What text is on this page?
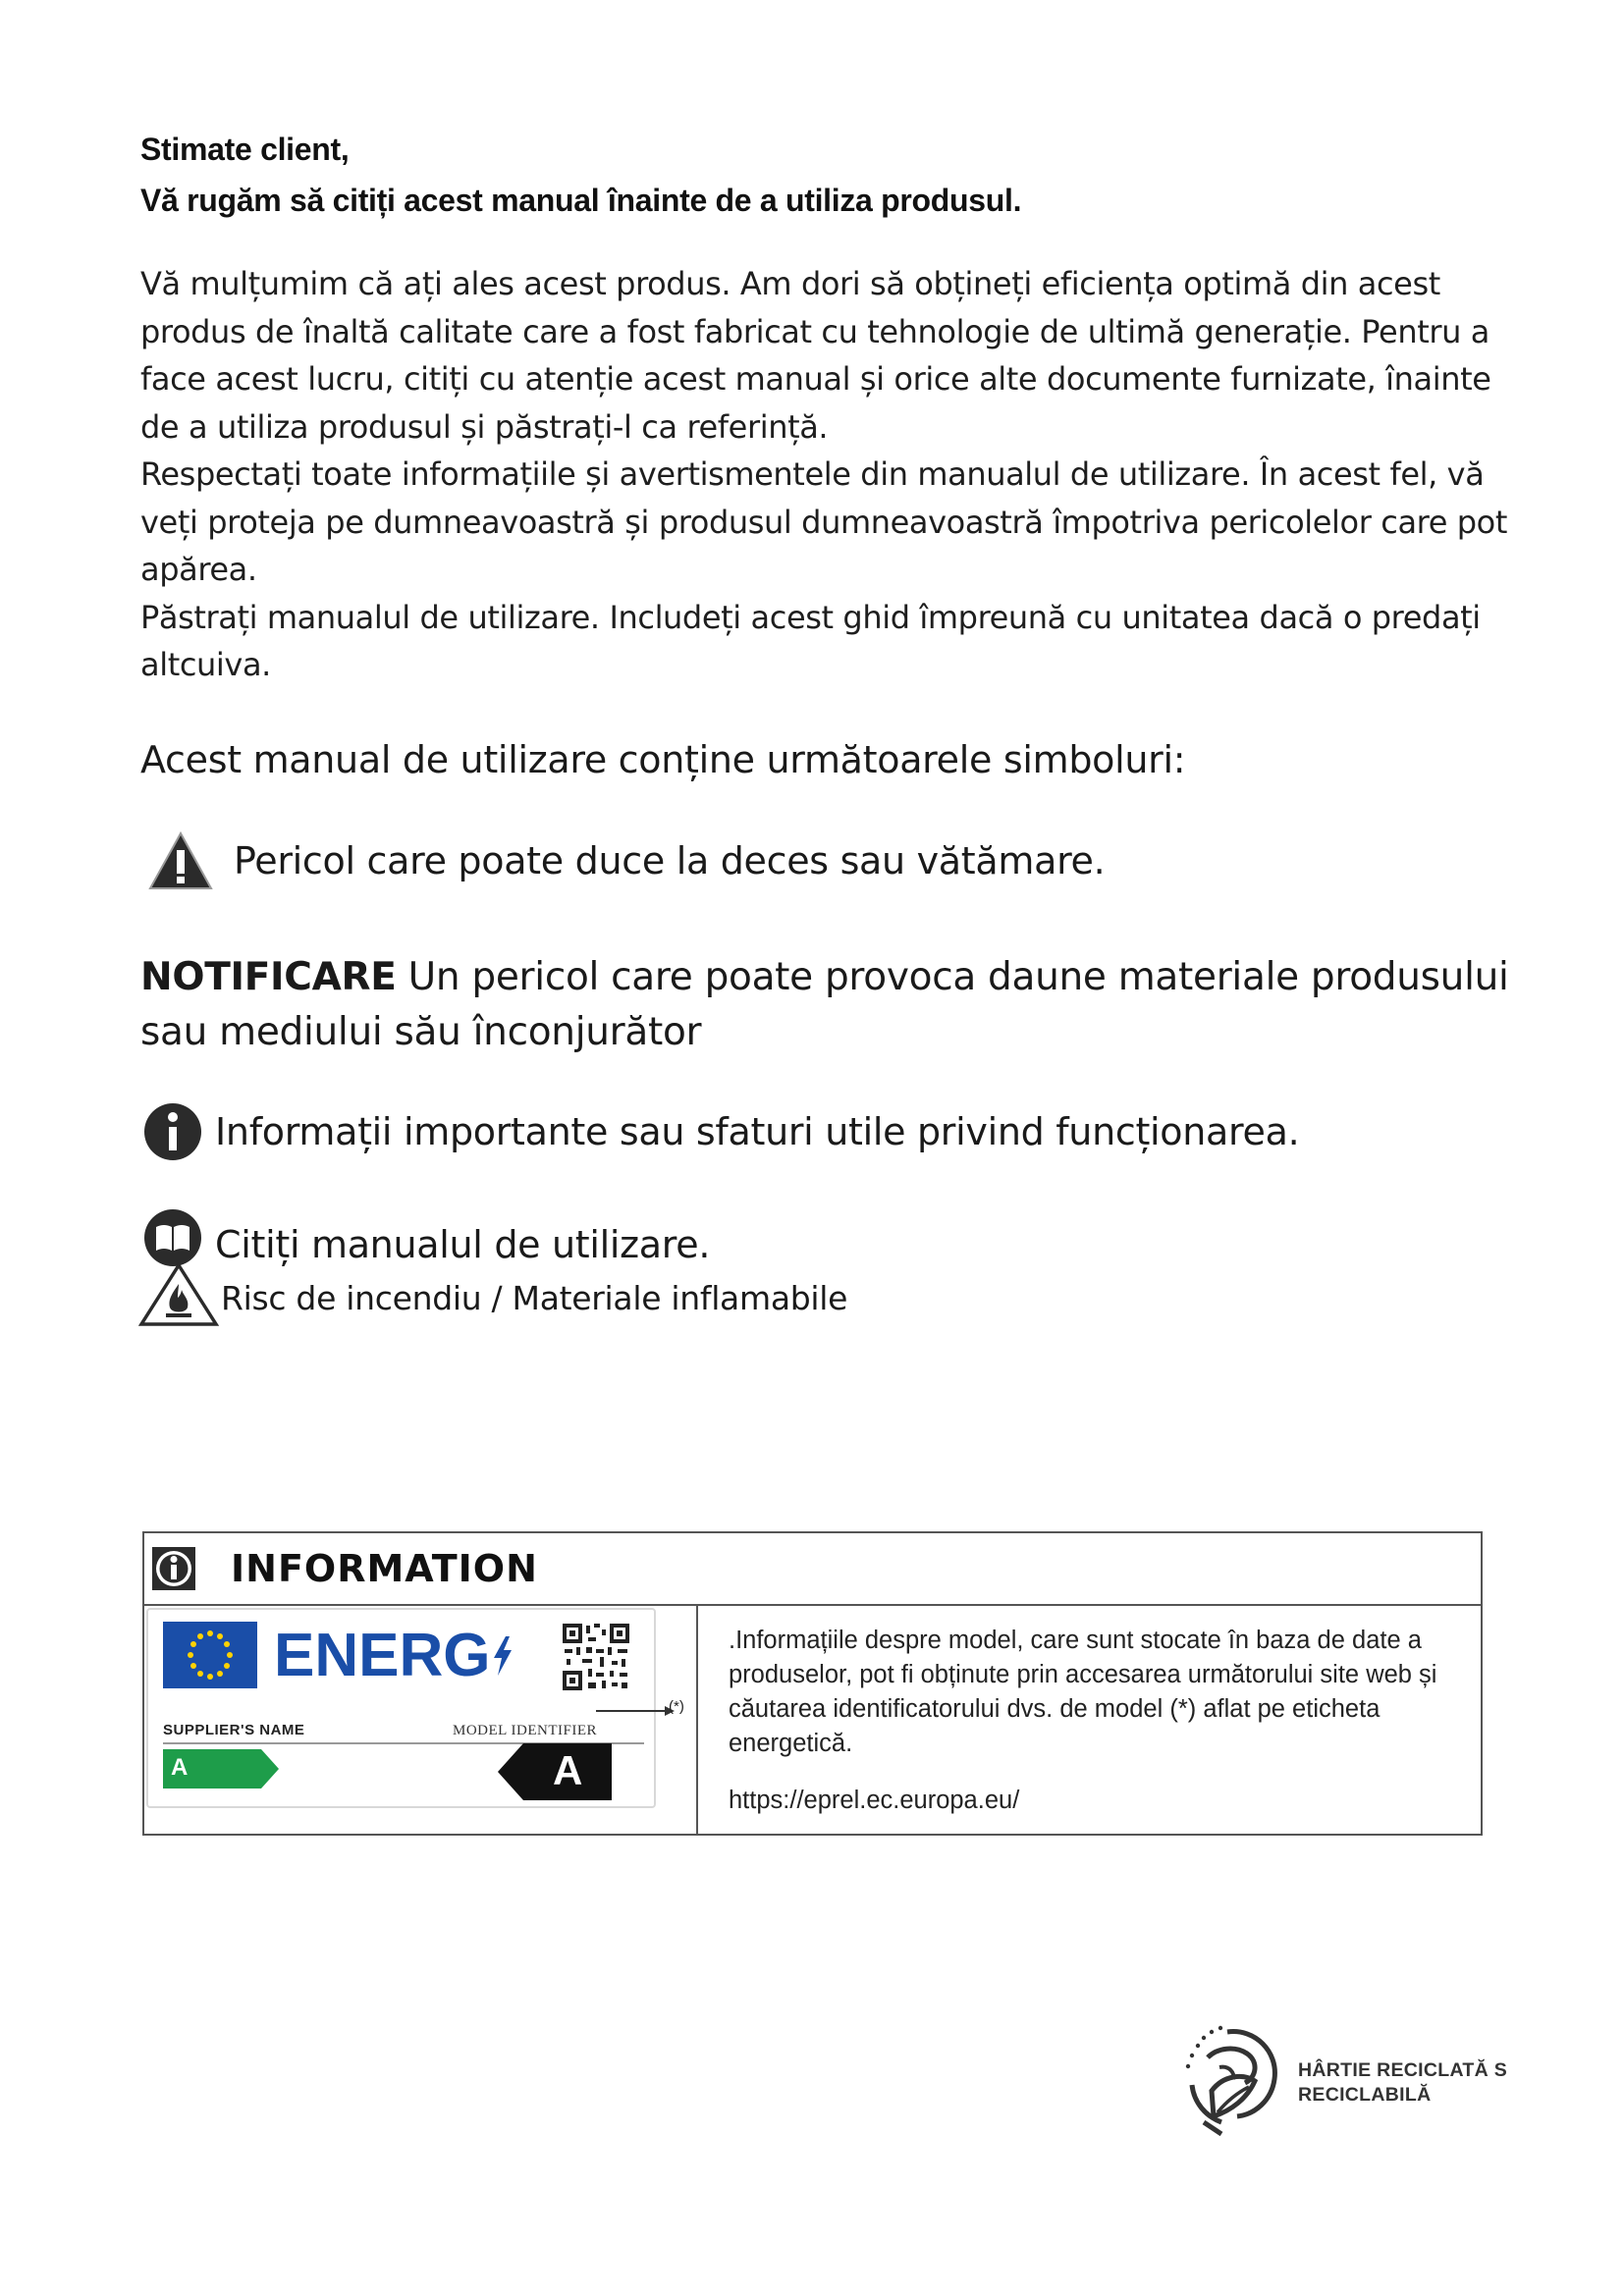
Stimate client,
Vă rugăm să citiți acest manual înainte de a utiliza produsul.

Vă mulțumim că ați ales acest produs. Am dori să obțineți eficiența optimă din acest produs de înaltă calitate care a fost fabricat cu tehnologie de ultimă generație. Pentru a face acest lucru, citiți cu atenție acest manual și orice alte documente furnizate, înainte de a utiliza produsul și păstrați-l ca referință.

Respectați toate informațiile și avertismentele din manualul de utilizare. În acest fel, vă veți proteja pe dumneavoastră și produsul dumneavoastră împotriva pericolelor care pot apărea.

Păstrați manualul de utilizare. Includeți acest ghid împreună cu unitatea dacă o predați altcuiva.

Acest manual de utilizare conține următoarele simboluri:
Pericol care poate duce la deces sau vătămare.
NOTIFICARE Un pericol care poate provoca daune materiale produsului sau mediului său înconjurător
Informații importante sau sfaturi utile privind funcționarea.
Citiți manualul de utilizare.
Risc de incendiu / Materiale inflamabile
INFORMATION
ENERG
SUPPLIER'S NAME	MODEL IDENTIFIER
A	A
(*)
.Informațiile despre model, care sunt stocate în baza de date a produselor, pot fi obținute prin accesarea următorului site web și căutarea identificatorului dvs. de model (*) aflat pe eticheta energetică.
https://eprel.ec.europa.eu/
HÂRTIE RECICLATĂ S
RECICLABILĂ
